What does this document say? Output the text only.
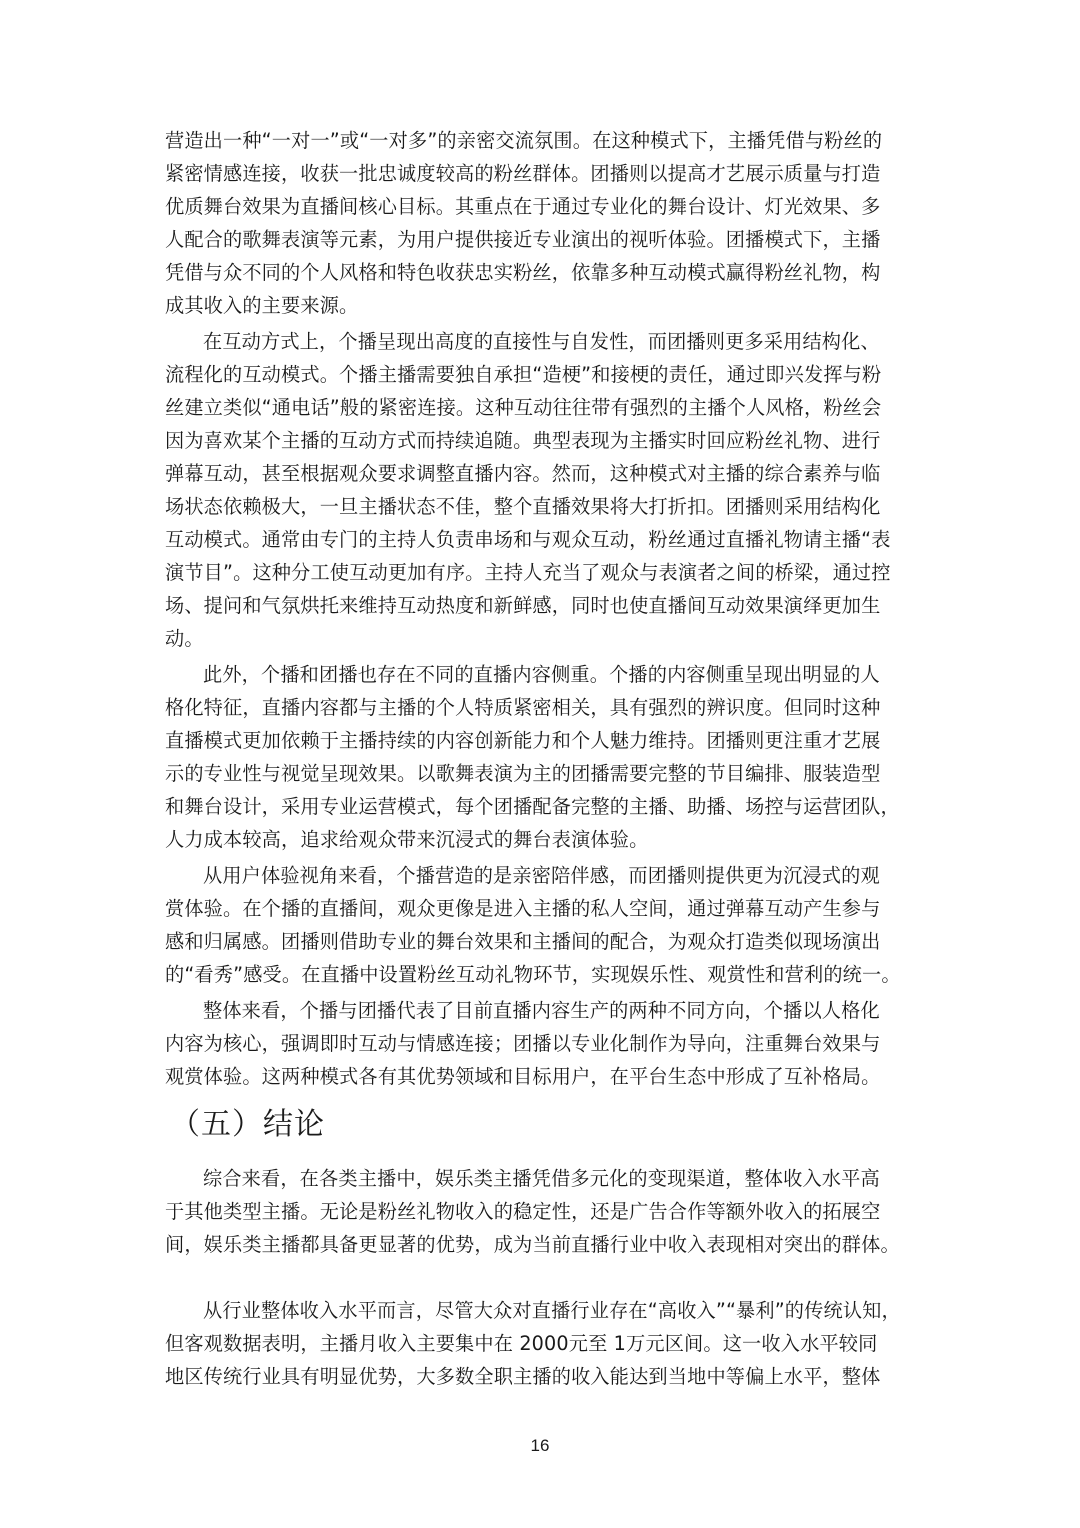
营造出一种“一对一”或“一对多”的亲密交流氛围。在这种模式下，主播凭借与粉丝的
紧密情感连接，收获一批忠诚度较高的粉丝群体。团播则以提高才艺展示质量与打造
优质舞台效果为直播间核心目标。其重点在于通过专业化的舞台设计、灯光效果、多
人配合的歌舞表演等元素，为用户提供接近专业演出的视听体验。团播模式下，主播
凭借与众不同的个人风格和特色收获忠实粉丝，依靠多种互动模式赢得粉丝礼物，构
成其收入的主要来源。
在互动方式上，个播呈现出高度的直接性与自发性，而团播则更多采用结构化、
流程化的互动模式。个播主播需要独自承担“造梗”和接梗的责任，通过即兴发挥与粉
丝建立类似“通电话”般的紧密连接。这种互动往往带有强烈的主播个人风格，粉丝会
因为喜欢某个主播的互动方式而持续追随。典型表现为主播实时回应粉丝礼物、进行
弹幕互动，甚至根据观众要求调整直播内容。然而，这种模式对主播的综合素养与临
场状态依赖极大，一旦主播状态不佳，整个直播效果将大打折扣。团播则采用结构化
互动模式。通常由专门的主持人负责串场和与观众互动，粉丝通过直播礼物请主播“表
演节目”。这种分工使互动更加有序。主持人充当了观众与表演者之间的桥梁，通过控
场、提问和气氛烘托来维持互动热度和新鲜感，同时也使直播间互动效果演绎更加生
动。
此外，个播和团播也存在不同的直播内容侧重。个播的内容侧重呈现出明显的人
格化特征，直播内容都与主播的个人特质紧密相关，具有强烈的辨识度。但同时这种
直播模式更加依赖于主播持续的内容创新能力和个人魅力维持。团播则更注重才艺展
示的专业性与视觉呈现效果。以歌舞表演为主的团播需要完整的节目编排、服装造型
和舞台设计，采用专业运营模式，每个团播配备完整的主播、助播、场控与运营团队，
人力成本较高，追求给观众带来沉浸式的舞台表演体验。
从用户体验视角来看，个播营造的是亲密陪伴感，而团播则提供更为沉浸式的观
赏体验。在个播的直播间，观众更像是进入主播的私人空间，通过弹幕互动产生参与
感和归属感。团播则借助专业的舞台效果和主播间的配合，为观众打造类似现场演出
的“看秀”感受。在直播中设置粉丝互动礼物环节，实现娱乐性、观赏性和营利的统一。
整体来看，个播与团播代表了目前直播内容生产的两种不同方向，个播以人格化
内容为核心，强调即时互动与情感连接；团播以专业化制作为导向，注重舞台效果与
观赏体验。这两种模式各有其优势领域和目标用户，在平台生态中形成了互补格局。
（五）结论
综合来看，在各类主播中，娱乐类主播凭借多元化的变现渠道，整体收入水平高
于其他类型主播。无论是粉丝礼物收入的稳定性，还是广告合作等额外收入的拓展空
间，娱乐类主播都具备更显著的优势，成为当前直播行业中收入表现相对突出的群体。
从行业整体收入水平而言，尽管大众对直播行业存在“高收入”“暴利”的传统认知，
但客观数据表明，主播月收入主要集中在 2000元至 1万元区间。这一收入水平较同
地区传统行业具有明显优势，大多数全职主播的收入能达到当地中等偏上水平，整体
16
